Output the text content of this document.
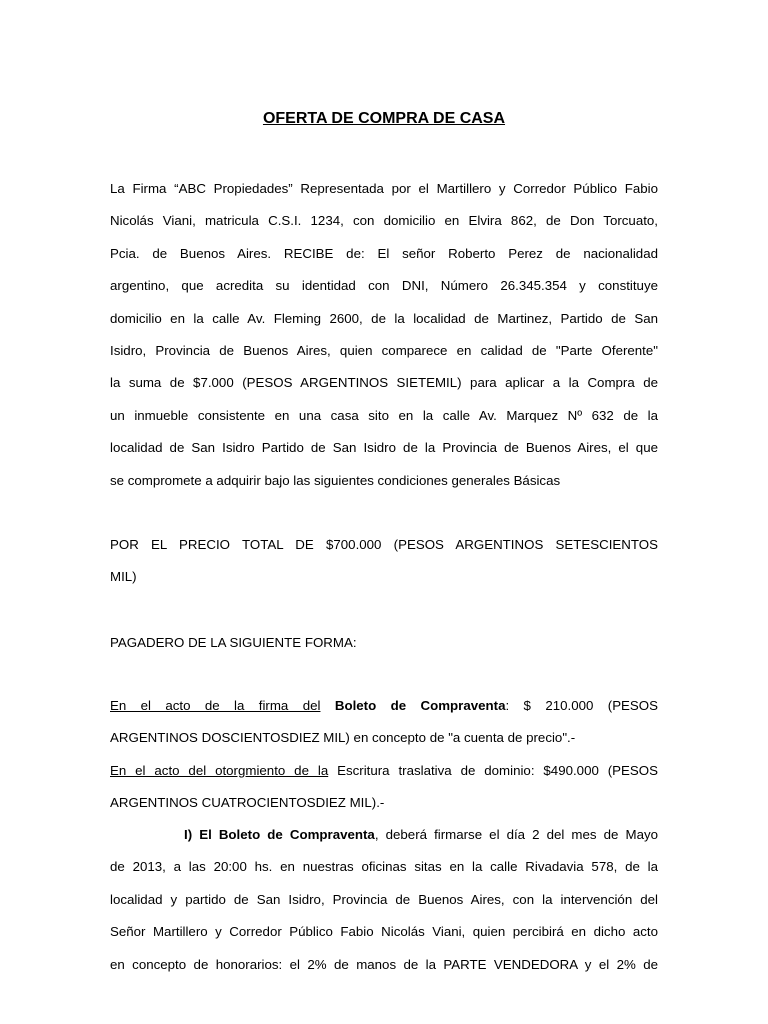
OFERTA DE COMPRA DE CASA
La Firma “ABC Propiedades” Representada por el Martillero y Corredor Público Fabio
Nicolás Viani, matricula C.S.I. 1234, con domicilio en Elvira 862, de Don Torcuato,
Pcia. de Buenos Aires. RECIBE de: El señor Roberto Perez de nacionalidad
argentino, que acredita su identidad con DNI, Número 26.345.354 y constituye
domicilio en la calle Av. Fleming 2600, de la localidad de Martinez, Partido de San
Isidro, Provincia de Buenos Aires, quien comparece en calidad de "Parte Oferente"
la suma de $7.000 (PESOS ARGENTINOS SIETEMIL) para aplicar a la Compra de
un inmueble consistente en una casa sito en la calle Av. Marquez Nº 632 de la
localidad de San Isidro Partido de San Isidro de la Provincia de Buenos Aires, el que
se compromete a adquirir bajo las siguientes condiciones generales Básicas
POR EL PRECIO TOTAL DE $700.000 (PESOS ARGENTINOS SETESCIENTOS
MIL)
PAGADERO DE LA SIGUIENTE FORMA:
En el acto de la firma del Boleto de Compraventa: $ 210.000 (PESOS
ARGENTINOS DOSCIENTOSDIEZ MIL) en concepto de "a cuenta de precio".-
En el acto del otorgmiento de la Escritura traslativa de dominio: $490.000 (PESOS
ARGENTINOS CUATROCIENTOSDIEZ MIL).-
I) El Boleto de Compraventa, deberá firmarse el día 2 del mes de Mayo
de 2013, a las 20:00 hs. en nuestras oficinas sitas en la calle Rivadavia 578, de la
localidad y partido de San Isidro, Provincia de Buenos Aires, con la intervención del
Señor Martillero y Corredor Público Fabio Nicolás Viani, quien percibirá en dicho acto
en concepto de honorarios: el 2% de manos de la PARTE VENDEDORA y el 2% de
